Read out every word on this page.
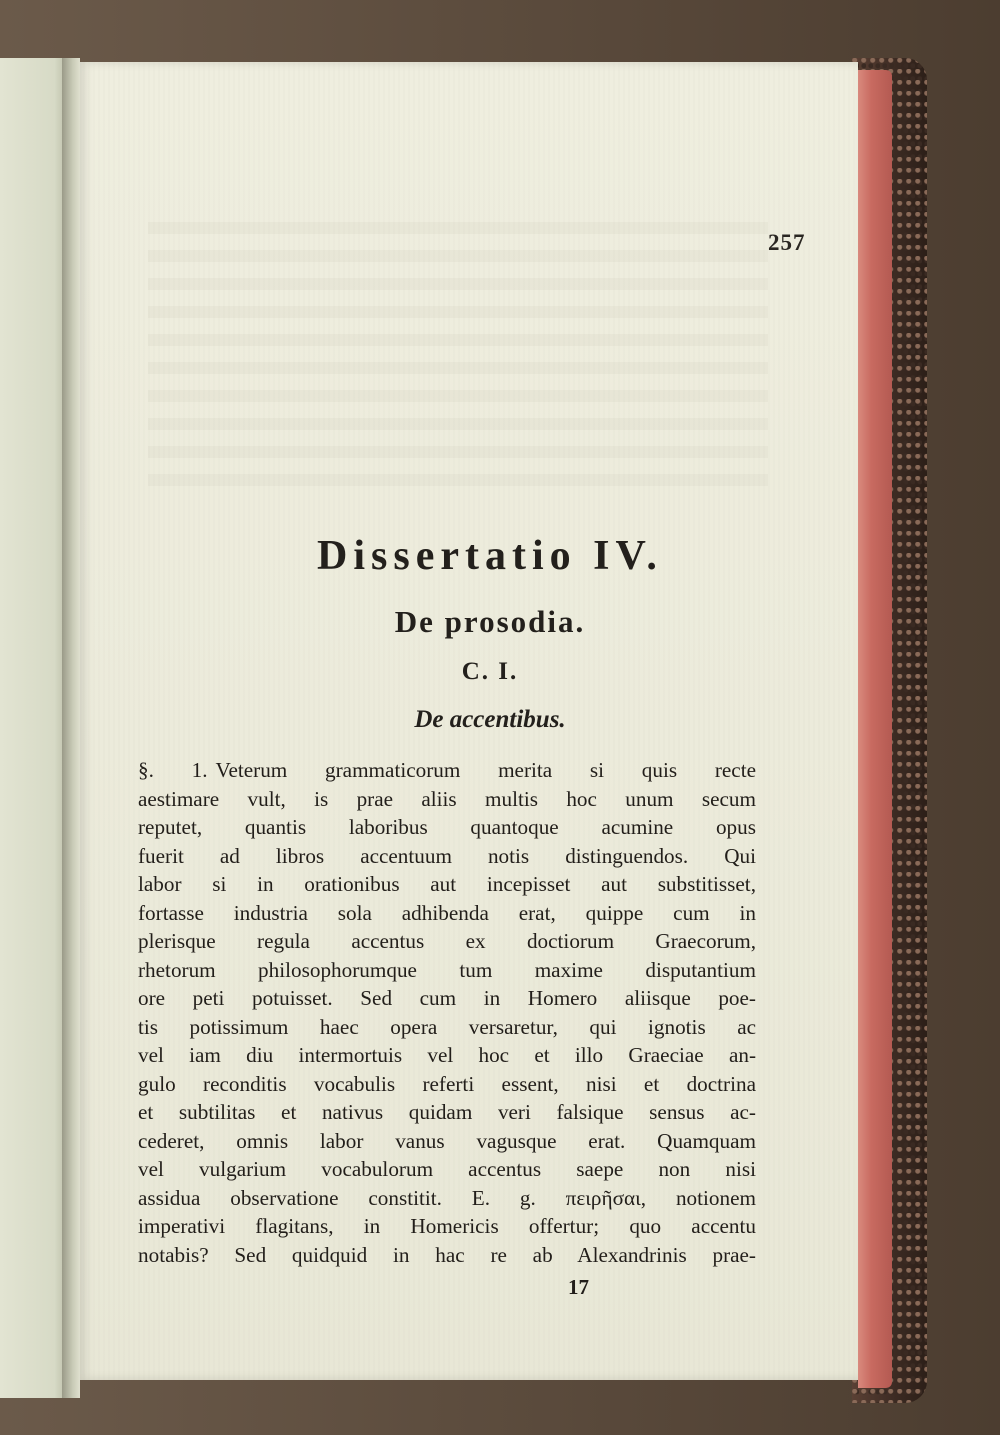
257

Dissertatio IV.
De prosodia.
C. I.
De accentibus.
§. 1. Veterum grammaticorum merita si quis recte
aestimare vult, is prae aliis multis hoc unum secum
reputet, quantis laboribus quantoque acumine opus
fuerit ad libros accentuum notis distinguendos. Qui
labor si in orationibus aut incepisset aut substitisset,
fortasse industria sola adhibenda erat, quippe cum in
plerisque regula accentus ex doctiorum Graecorum,
rhetorum philosophorumque tum maxime disputantium
ore peti potuisset. Sed cum in Homero aliisque poe-
tis potissimum haec opera versaretur, qui ignotis ac
vel iam diu intermortuis vel hoc et illo Graeciae an-
gulo reconditis vocabulis referti essent, nisi et doctrina
et subtilitas et nativus quidam veri falsique sensus ac-
cederet, omnis labor vanus vagusque erat. Quamquam
vel vulgarium vocabulorum accentus saepe non nisi
assidua observatione constitit. E. g. πειρῆσαι, notionem
imperativi flagitans, in Homericis offertur; quo accentu
notabis? Sed quidquid in hac re ab Alexandrinis prae-

17
